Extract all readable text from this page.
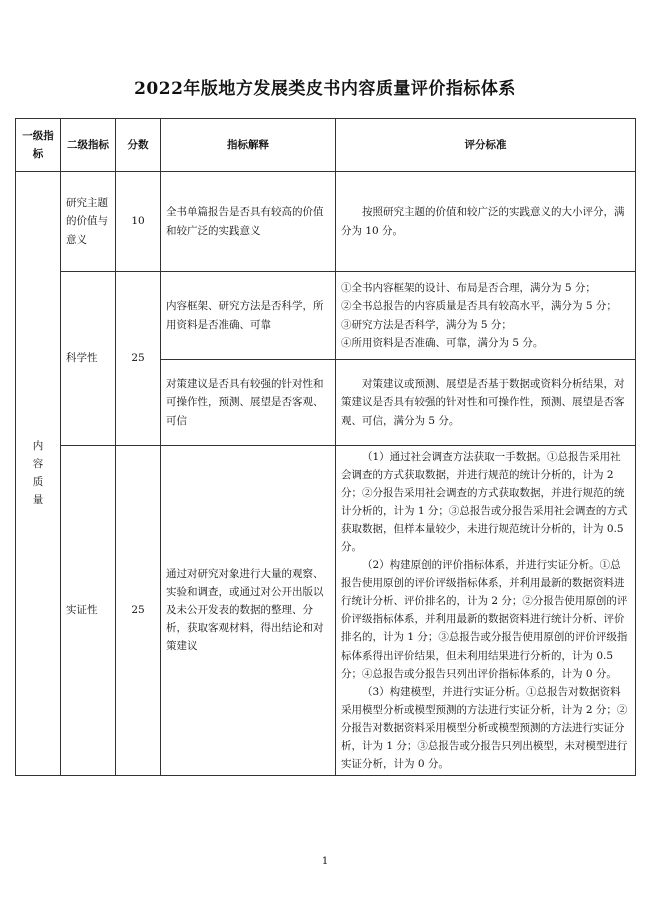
2022年版地方发展类皮书内容质量评价指标体系
一级指标	二级指标	分数	指标解释	评分标准

内
容
质
量	研究主题的价值与意义	10	全书单篇报告是否具有较高的价值和较广泛的实践意义	按照研究主题的价值和较广泛的实践意义的大小评分，满分为 10 分。

	科学性	25	内容框架、研究方法是否科学，所用资料是否准确、可靠	①全书内容框架的设计、布局是否合理，满分为 5 分；

②全书总报告的内容质量是否具有较高水平，满分为 5 分；

③研究方法是否科学，满分为 5 分；

④所用资料是否准确、可靠，满分为 5 分。

			对策建议是否具有较强的针对性和可操作性，预测、展望是否客观、可信	对策建议或预测、展望是否基于数据或资料分析结果，对策建议是否具有较强的针对性和可操作性，预测、展望是否客观、可信，满分为 5 分。

	实证性	25	通过对研究对象进行大量的观察、实验和调查，或通过对公开出版以及未公开发表的数据的整理、分析，获取客观材料，得出结论和对策建议	（1）通过社会调查方法获取一手数据。①总报告采用社会调查的方式获取数据，并进行规范的统计分析的，计为 2 分；②分报告采用社会调查的方式获取数据，并进行规范的统计分析的，计为 1 分；③总报告或分报告采用社会调查的方式获取数据，但样本量较少，未进行规范统计分析的，计为 0.5 分。

（2）构建原创的评价指标体系，并进行实证分析。①总报告使用原创的评价评级指标体系，并利用最新的数据资料进行统计分析、评价排名的，计为 2 分；②分报告使用原创的评价评级指标体系，并利用最新的数据资料进行统计分析、评价排名的，计为 1 分；③总报告或分报告使用原创的评价评级指标体系得出评价结果，但未利用结果进行分析的，计为 0.5 分；④总报告或分报告只列出评价指标体系的，计为 0 分。

（3）构建模型，并进行实证分析。①总报告对数据资料采用模型分析或模型预测的方法进行实证分析，计为 2 分；②分报告对数据资料采用模型分析或模型预测的方法进行实证分析，计为 1 分；③总报告或分报告只列出模型，未对模型进行实证分析，计为 0 分。

1
